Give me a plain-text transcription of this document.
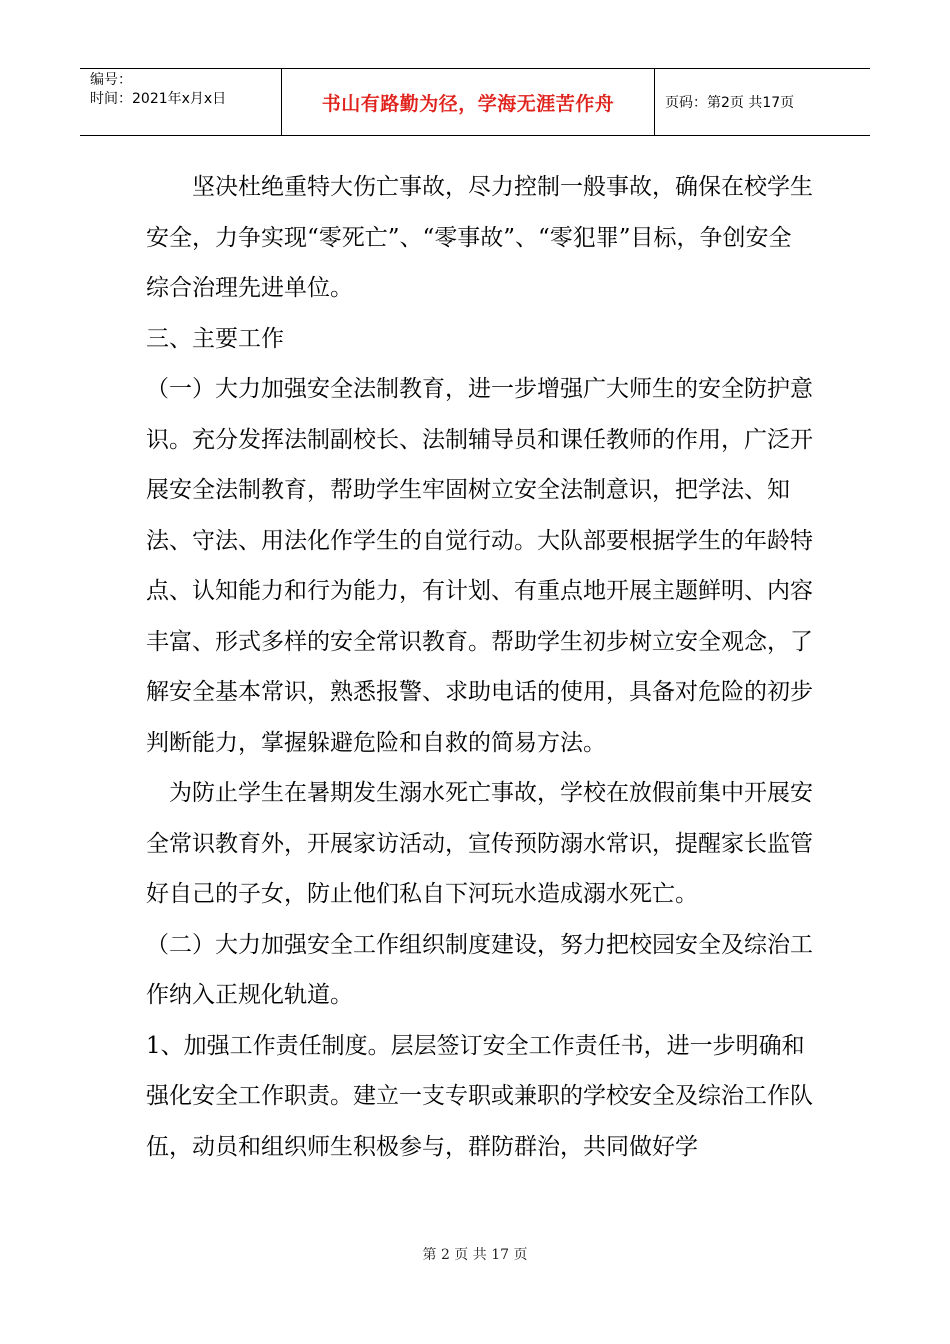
编号：
时间：2021年x月x日	书山有路勤为径，学海无涯苦作舟	页码：第2页 共17页

坚决杜绝重特大伤亡事故，尽力控制一般事故，确保在校学生安全，力争实现“零死亡”、“零事故”、“零犯罪”目标，争创安全综合治理先进单位。

三、主要工作

（一）大力加强安全法制教育，进一步增强广大师生的安全防护意识。充分发挥法制副校长、法制辅导员和课任教师的作用，广泛开展安全法制教育，帮助学生牢固树立安全法制意识，把学法、知法、守法、用法化作学生的自觉行动。大队部要根据学生的年龄特点、认知能力和行为能力，有计划、有重点地开展主题鲜明、内容丰富、形式多样的安全常识教育。帮助学生初步树立安全观念，了解安全基本常识，熟悉报警、求助电话的使用，具备对危险的初步判断能力，掌握躲避危险和自救的简易方法。

为防止学生在暑期发生溺水死亡事故，学校在放假前集中开展安全常识教育外，开展家访活动，宣传预防溺水常识，提醒家长监管好自己的子女，防止他们私自下河玩水造成溺水死亡。

（二）大力加强安全工作组织制度建设，努力把校园安全及综治工作纳入正规化轨道。

1、加强工作责任制度。层层签订安全工作责任书，进一步明确和强化安全工作职责。建立一支专职或兼职的学校安全及综治工作队伍，动员和组织师生积极参与，群防群治，共同做好学

第 2 页 共 17 页
